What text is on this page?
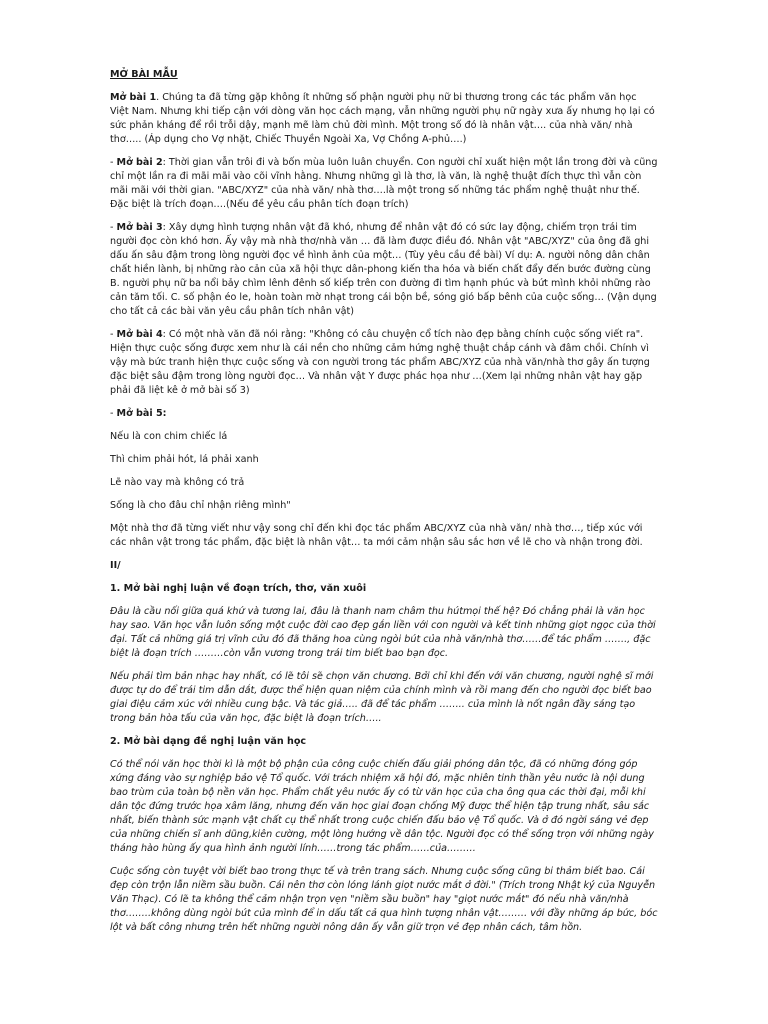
MỞ BÀI MẪU

Mở bài 1. Chúng ta đã từng gặp không ít những số phận người phụ nữ bi thương trong các tác phẩm văn học Việt Nam. Nhưng khi tiếp cận với dòng văn học cách mạng, vẫn những người phụ nữ ngày xưa ấy nhưng họ lại có sức phản kháng để rồi trỗi dậy, mạnh mẽ làm chủ đời mình. Một trong số đó là nhân vật…. của nhà văn/ nhà thơ….. (Áp dụng cho Vợ nhặt, Chiếc Thuyền Ngoài Xa, Vợ Chồng A-phủ….)

- Mở bài 2: Thời gian vẫn trôi đi và bốn mùa luôn luân chuyển. Con người chỉ xuất hiện một lần trong đời và cũng chỉ một lần ra đi mãi mãi vào cõi vĩnh hằng. Nhưng những gì là thơ, là văn, là nghệ thuật đích thực thì vẫn còn mãi mãi với thời gian. "ABC/XYZ" của nhà văn/ nhà thơ….là một trong số những tác phẩm nghệ thuật như thế. Đặc biệt là trích đoạn….(Nếu đề yêu cầu phân tích đoạn trích)

- Mở bài 3: Xây dựng hình tượng nhân vật đã khó, nhưng để nhân vật đó có sức lay động, chiếm trọn trái tim người đọc còn khó hơn. Ấy vậy mà nhà thơ/nhà văn … đã làm được điều đó. Nhân vật "ABC/XYZ" của ông đã ghi dấu ấn sâu đậm trong lòng người đọc về hình ảnh của một… (Tùy yêu cầu đề bài) Ví dụ: A. người nông dân chân chất hiền lành, bị những rào cản của xã hội thực dân-phong kiến tha hóa và biến chất đẩy đến bước đường cùng B. người phụ nữ ba nổi bảy chìm lênh đênh số kiếp trên con đường đi tìm hạnh phúc và bứt mình khỏi những rào cản tăm tối. C. số phận éo le, hoàn toàn mờ nhạt trong cái bộn bề, sóng gió bấp bênh của cuộc sống… (Vận dụng cho tất cả các bài văn yêu cầu phân tích nhân vật)

- Mở bài 4: Có một nhà văn đã nói rằng: "Không có câu chuyện cổ tích nào đẹp bằng chính cuộc sống viết ra". Hiện thực cuộc sống được xem như là cái nền cho những cảm hứng nghệ thuật chắp cánh và đâm chồi. Chính vì vậy mà bức tranh hiện thực cuộc sống và con người trong tác phẩm ABC/XYZ của nhà văn/nhà thơ gây ấn tượng đặc biệt sâu đậm trong lòng người đọc… Và nhân vật Y được phác họa như …(Xem lại những nhân vật hay gặp phải đã liệt kê ở mở bài số 3)

- Mở bài 5:

Nếu là con chim chiếc lá

Thì chim phải hót, lá phải xanh

Lẽ nào vay mà không có trả

Sống là cho đâu chỉ nhận riêng mình"

Một nhà thơ đã từng viết như vậy song chỉ đến khi đọc tác phẩm ABC/XYZ của nhà văn/ nhà thơ…, tiếp xúc với các nhân vật trong tác phẩm, đặc biệt là nhân vật… ta mới cảm nhận sâu sắc hơn về lẽ cho và nhận trong đời.

II/

1. Mở bài nghị luận về đoạn trích, thơ, văn xuôi

Đâu là cầu nối giữa quá khứ và tương lai, đâu là thanh nam châm thu hútmọi thế hệ? Đó chẳng phải là văn học hay sao. Văn học vẫn luôn sống một cuộc đời cao đẹp gắn liền với con người và kết tinh những giọt ngọc của thời đại. Tất cả những giá trị vĩnh cửu đó đã thăng hoa cùng ngòi bút của nhà văn/nhà thơ……để tác phẩm ……., đặc biệt là đoạn trích ………còn vẫn vương trong trái tim biết bao bạn đọc.

Nếu phải tìm bản nhạc hay nhất, có lẽ tôi sẽ chọn văn chương. Bởi chỉ khi đến với văn chương, người nghệ sĩ mới được tự do để trái tim dẫn dắt, được thể hiện quan niệm của chính mình và rồi mang đến cho người đọc biết bao giai điệu cảm xúc với nhiều cung bậc. Và tác giả….. đã để tác phẩm …….. của mình là nốt ngân đầy sáng tạo trong bản hòa tấu của văn học, đặc biệt là đoạn trích…..

2. Mở bài dạng đề nghị luận văn học

Có thể nói văn học thời kì là một bộ phận của công cuộc chiến đấu giải phóng dân tộc, đã có những đóng góp xứng đáng vào sự nghiệp bảo vệ Tổ quốc. Với trách nhiệm xã hội đó, mặc nhiên tinh thần yêu nước là nội dung bao trùm của toàn bộ nền văn học. Phẩm chất yêu nước ấy có từ văn học của cha ông qua các thời đại, mỗi khi dân tộc đứng trước họa xâm lăng, nhưng đến văn học giai đoạn chống Mỹ được thể hiện tập trung nhất, sâu sắc nhất, biến thành sức mạnh vật chất cụ thể nhất trong cuộc chiến đấu bảo vệ Tổ quốc. Và ở đó ngời sáng vẻ đẹp của những chiến sĩ anh dũng,kiên cường, một lòng hướng về dân tộc. Người đọc có thể sống trọn với những ngày tháng hào hùng ấy qua hình ảnh người lính……trong tác phẩm……của………

Cuộc sống còn tuyệt vời biết bao trong thực tế và trên trang sách. Nhưng cuộc sống cũng bi thảm biết bao. Cái đẹp còn trộn lẫn niềm sầu buồn. Cái nên thơ còn lóng lánh giọt nước mắt ở đời." (Trích trong Nhật ký của Nguyễn Văn Thạc). Có lẽ ta không thể cảm nhận trọn vẹn "niềm sầu buồn" hay "giọt nước mắt" đó nếu nhà văn/nhà thơ……..không dùng ngòi bút của mình để in dấu tất cả qua hình tượng nhân vật……… với đầy những áp bức, bóc lột và bất công nhưng trên hết những người nông dân ấy vẫn giữ trọn vẻ đẹp nhân cách, tâm hồn.
